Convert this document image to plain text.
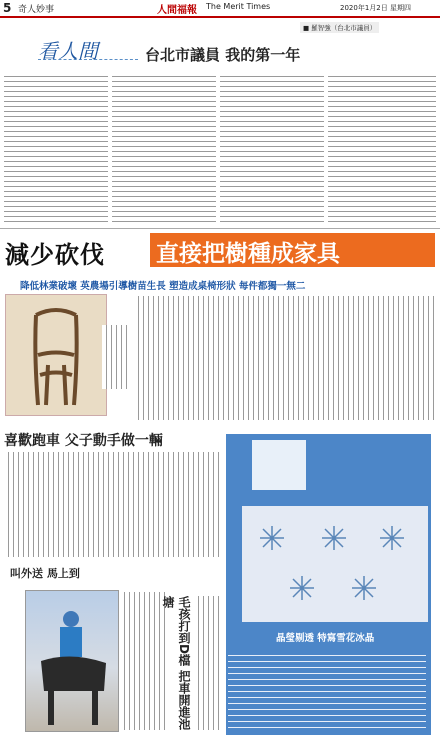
5 奇人妙事	人間福報 The Merit Times	2020年1月2日 星期四
看人間
■ 羅智強（台北市議員）
台北市議員 我的第一年
減少砍伐 直接把樹種成家具
降低林業破壞 英農場引導樹苗生長 塑造成桌椅形狀 每件都獨一無二
喜歡跑車 父子動手做一輛
叫外送 馬上到
毛孩打到D檔 把車開進池塘
晶瑩剔透 特寫雪花冰晶
